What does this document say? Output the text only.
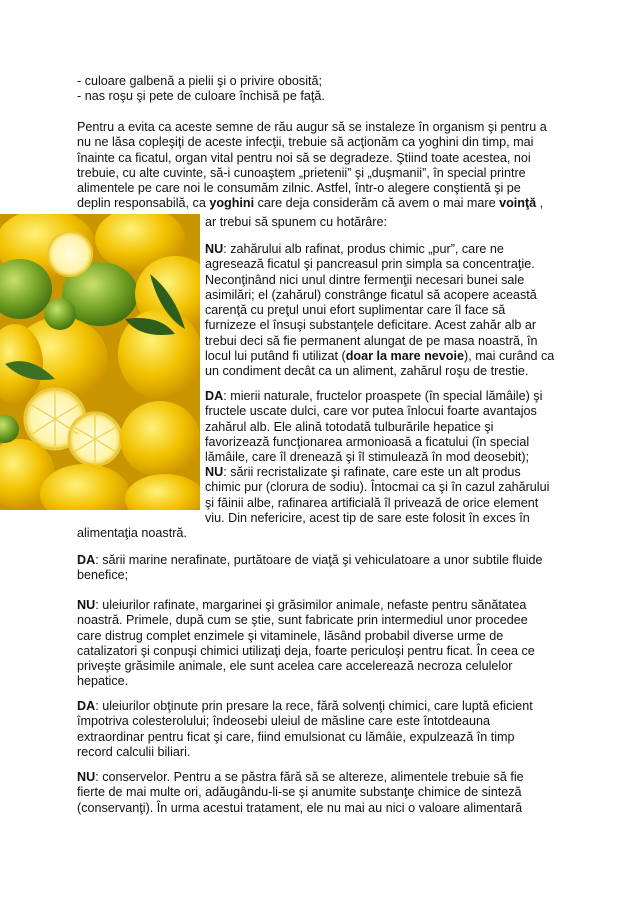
- culoare galbenă a pielii şi o privire obosită;
- nas roşu şi pete de culoare închisă pe faţă.

Pentru a evita ca aceste semne de rău augur să se instaleze în organism şi pentru a
nu ne lăsa copleşiţi de aceste infecţii, trebuie să acţionăm ca yoghini din timp, mai
înainte ca ficatul, organ vital pentru noi să se degradeze. Ştiind toate acestea, noi
trebuie, cu alte cuvinte, să-i cunoaştem „prietenii” şi „duşmanii”, în special printre
alimentele pe care noi le consumăm zilnic. Astfel, într-o alegere conştientă şi pe
deplin responsabilă, ca yoghini care deja considerăm că avem o mai mare voinţă ,

ar trebui să spunem cu hotărâre:

NU: zahărului alb rafinat, produs chimic „pur”, care ne
agresează ficatul şi pancreasul prin simpla sa concentraţie.
Neconţinând nici unul dintre fermenţii necesari bunei sale
asimilări; el (zahărul) constrânge ficatul să acopere această
carenţă cu preţul unui efort suplimentar care îl face să
furnizeze el însuşi substanţele deficitare. Acest zahăr alb ar
trebui deci să fie permanent alungat de pe masa noastră, în
locul lui putând fi utilizat (doar la mare nevoie), mai curând ca
un condiment decât ca un aliment, zahărul roşu de trestie.

DA: mierii naturale, fructelor proaspete (în special lămâile) şi
fructele uscate dulci, care vor putea înlocui foarte avantajos
zahărul alb. Ele alină totodată tulburările hepatice şi
favorizează funcţionarea armonioasă a ficatului (în special
lămâile, care îl drenează şi îl stimulează în mod deosebit);

NU: sării recristalizate şi rafinate, care este un alt produs
chimic pur (clorura de sodiu). Întocmai ca şi în cazul zahărului
şi făinii albe, rafinarea artificială îl privează de orice element
viu. Din nefericire, acest tip de sare este folosit în exces în

alimentaţia noastră.

DA: sării marine nerafinate, purtătoare de viaţă şi vehiculatoare a unor subtile fluide
benefice;

NU: uleiurilor rafinate, margarinei şi grăsimilor animale, nefaste pentru sănătatea
noastră. Primele, după cum se ştie, sunt fabricate prin intermediul unor procedee
care distrug complet enzimele şi vitaminele, lăsând probabil diverse urme de
catalizatori şi conpuşi chimici utilizaţi deja, foarte periculoşi pentru ficat. În ceea ce
priveşte grăsimile animale, ele sunt acelea care accelerează necroza celulelor
hepatice.

DA: uleiurilor obţinute prin presare la rece, fără solvenţi chimici, care luptă eficient
împotriva colesterolului; îndeosebi uleiul de măsline care este întotdeauna
extraordinar pentru ficat şi care, fiind emulsionat cu lămâie, expulzează în timp
record calculii biliari.

NU: conservelor. Pentru a se păstra fără să se altereze, alimentele trebuie să fie
fierte de mai multe ori, adăugându-li-se şi anumite substanţe chimice de sinteză
(conservanţi). În urma acestui tratament, ele nu mai au nici o valoare alimentară
